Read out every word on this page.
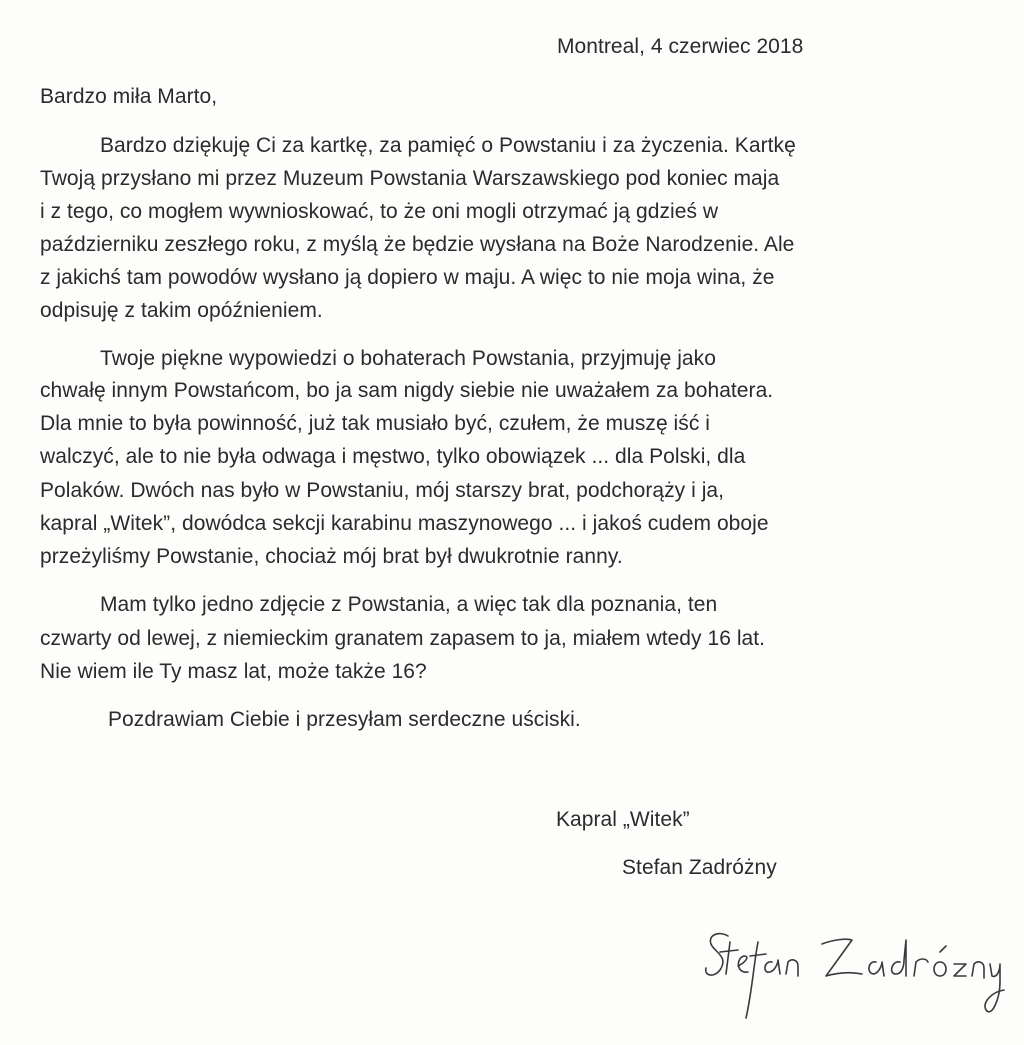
Montreal, 4 czerwiec 2018
Bardzo miła Marto,
Bardzo dziękuję Ci za kartkę, za pamięć o Powstaniu i za życzenia. Kartkę
Twoją przysłano mi przez Muzeum Powstania Warszawskiego pod koniec maja
i z tego, co mogłem wywnioskować, to że oni mogli otrzymać ją gdzieś w
październiku zeszłego roku, z myślą że będzie wysłana na Boże Narodzenie. Ale
z jakichś tam powodów wysłano ją dopiero w maju. A więc to nie moja wina, że
odpisuję z takim opóźnieniem.
Twoje piękne wypowiedzi o bohaterach Powstania, przyjmuję jako
chwałę innym Powstańcom, bo ja sam nigdy siebie nie uważałem za bohatera.
Dla mnie to była powinność, już tak musiało być, czułem, że muszę iść i
walczyć, ale to nie była odwaga i męstwo, tylko obowiązek ... dla Polski, dla
Polaków. Dwóch nas było w Powstaniu, mój starszy brat, podchorąży i ja,
kapral „Witek”, dowódca sekcji karabinu maszynowego ... i jakoś cudem oboje
przeżyliśmy Powstanie, chociaż mój brat był dwukrotnie ranny.
Mam tylko jedno zdjęcie z Powstania, a więc tak dla poznania, ten
czwarty od lewej, z niemieckim granatem zapasem to ja, miałem wtedy 16 lat.
Nie wiem ile Ty masz lat, może także 16?
Pozdrawiam Ciebie i przesyłam serdeczne uściski.
Kapral „Witek”
Stefan Zadróżny
